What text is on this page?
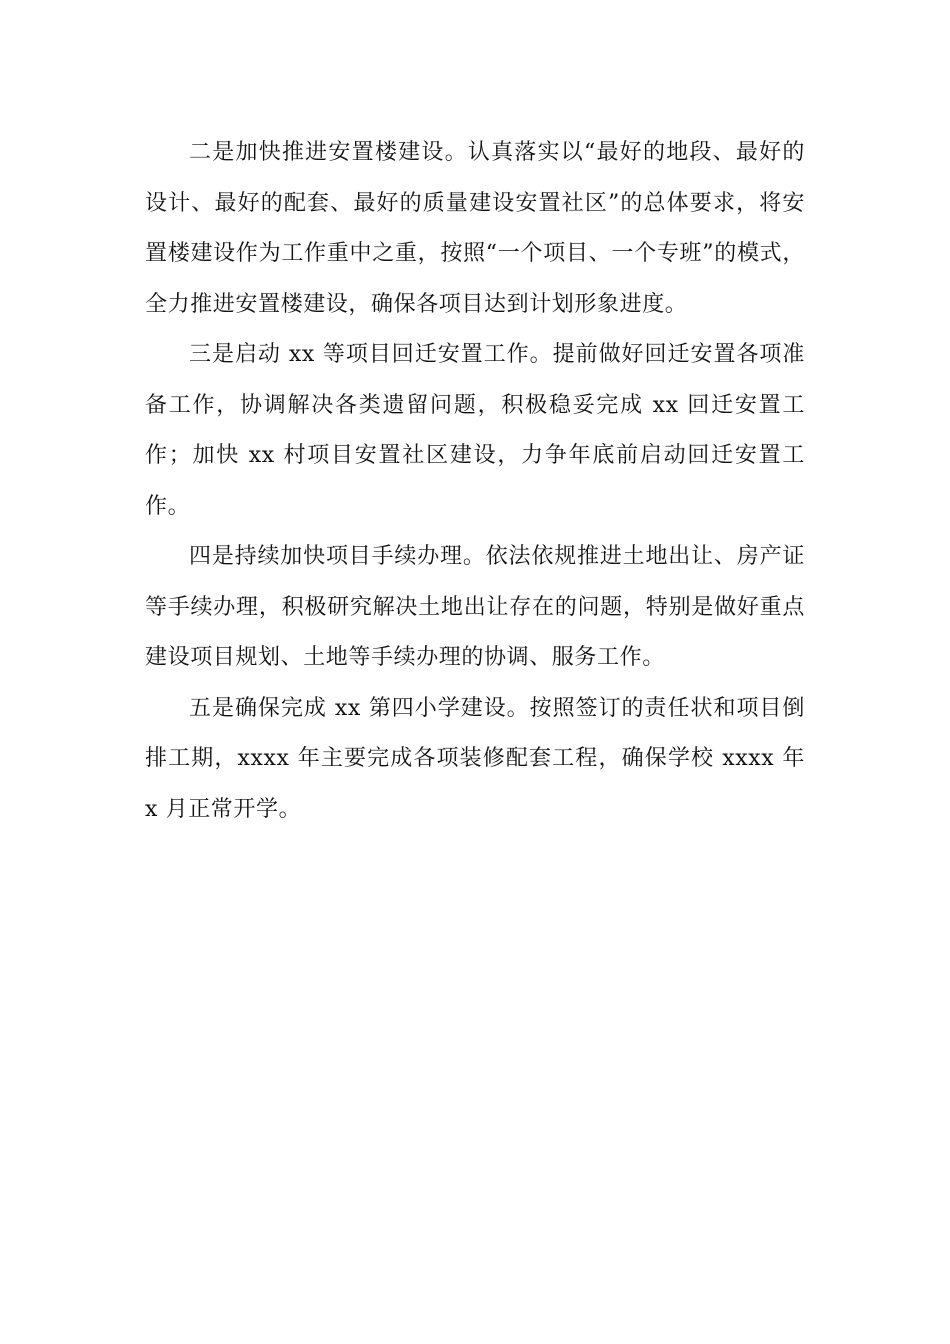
二是加快推进安置楼建设。认真落实以“最好的地段、最好的设计、最好的配套、最好的质量建设安置社区”的总体要求，将安置楼建设作为工作重中之重，按照“一个项目、一个专班”的模式，全力推进安置楼建设，确保各项目达到计划形象进度。

三是启动 xx 等项目回迁安置工作。提前做好回迁安置各项准备工作，协调解决各类遗留问题，积极稳妥完成 xx 回迁安置工作；加快 xx 村项目安置社区建设，力争年底前启动回迁安置工作。

四是持续加快项目手续办理。依法依规推进土地出让、房产证等手续办理，积极研究解决土地出让存在的问题，特别是做好重点建设项目规划、土地等手续办理的协调、服务工作。

五是确保完成 xx 第四小学建设。按照签订的责任状和项目倒排工期，xxxx 年主要完成各项装修配套工程，确保学校 xxxx 年 x 月正常开学。
